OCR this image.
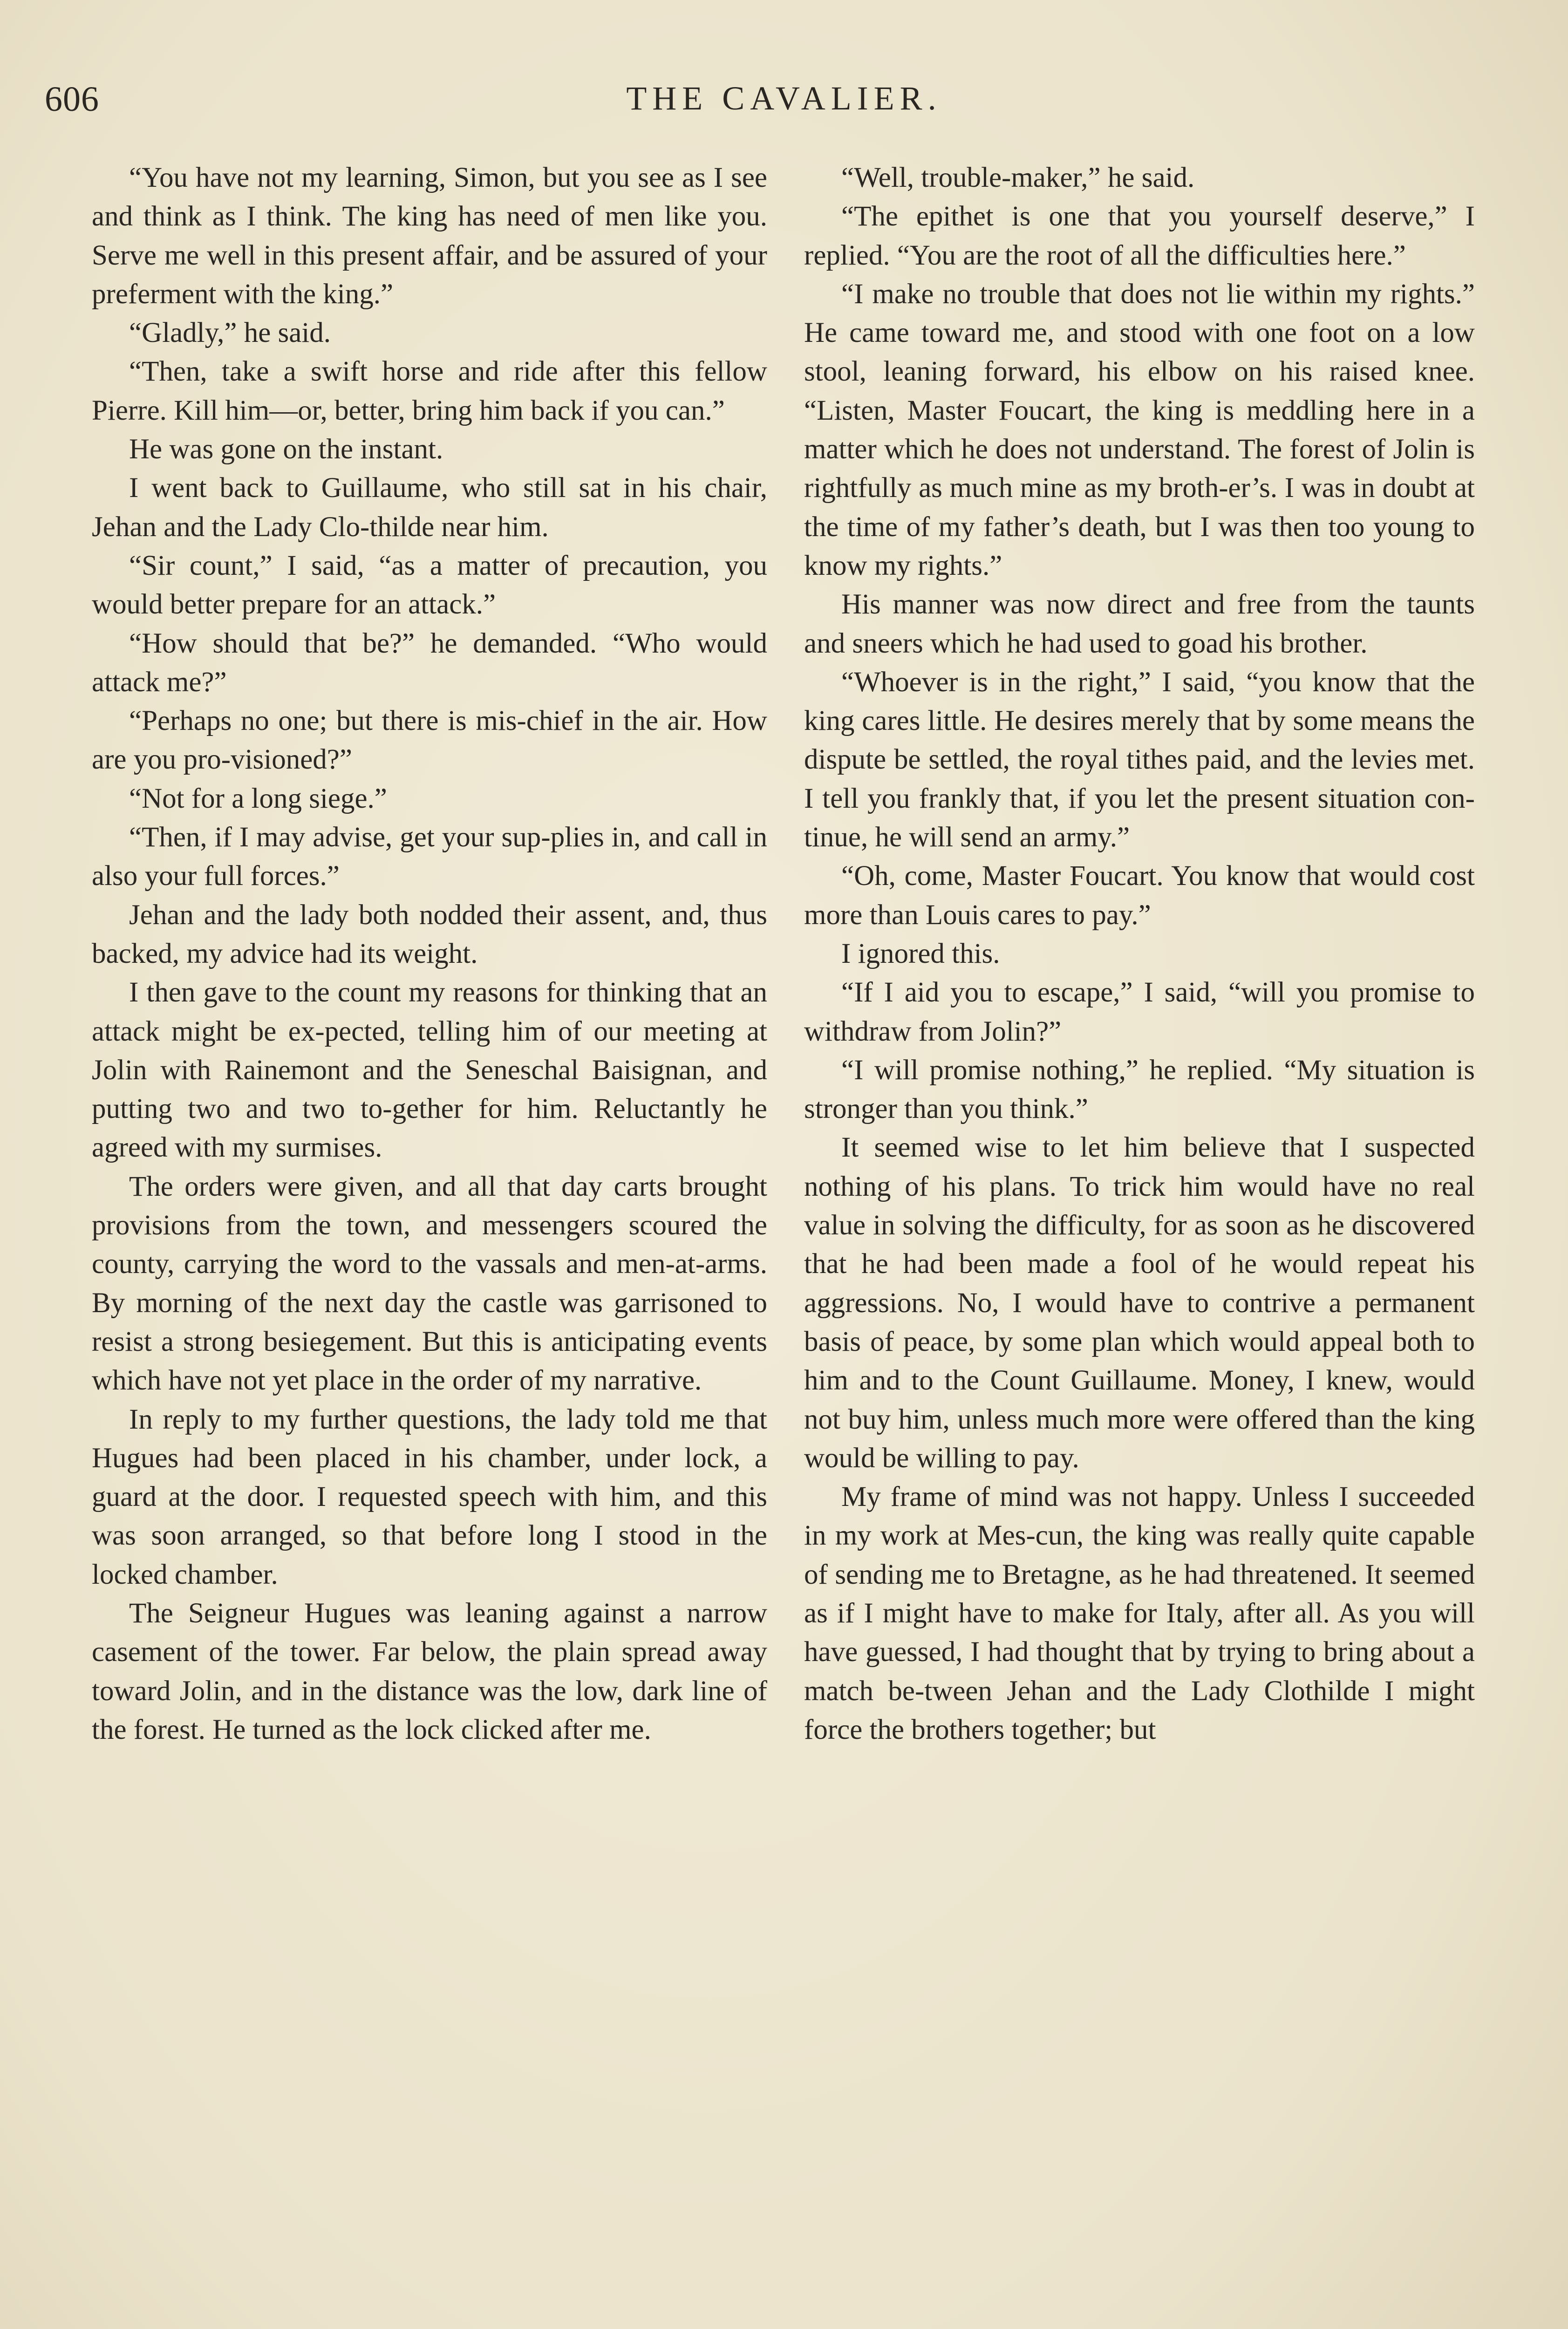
606	THE CAVALIER.

“You have not my learning, Simon, but you see as I see and think as I think. The king has need of men like you. Serve me well in this present affair, and be assured of your preferment with the king.”

“Gladly,” he said.

“Then, take a swift horse and ride after this fellow Pierre. Kill him—or, better, bring him back if you can.”

He was gone on the instant.

I went back to Guillaume, who still sat in his chair, Jehan and the Lady Clo-thilde near him.

“Sir count,” I said, “as a matter of precaution, you would better prepare for an attack.”

“How should that be?” he demanded. “Who would attack me?”

“Perhaps no one; but there is mis-chief in the air. How are you pro-visioned?”

“Not for a long siege.”

“Then, if I may advise, get your sup-plies in, and call in also your full forces.”

Jehan and the lady both nodded their assent, and, thus backed, my advice had its weight.

I then gave to the count my reasons for thinking that an attack might be ex-pected, telling him of our meeting at Jolin with Rainemont and the Seneschal Baisignan, and putting two and two to-gether for him. Reluctantly he agreed with my surmises.

The orders were given, and all that day carts brought provisions from the town, and messengers scoured the county, carrying the word to the vassals and men-at-arms. By morning of the next day the castle was garrisoned to resist a strong besiegement. But this is anticipating events which have not yet place in the order of my narrative.

In reply to my further questions, the lady told me that Hugues had been placed in his chamber, under lock, a guard at the door. I requested speech with him, and this was soon arranged, so that before long I stood in the locked chamber.

The Seigneur Hugues was leaning against a narrow casement of the tower. Far below, the plain spread away toward Jolin, and in the distance was the low, dark line of the forest. He turned as the lock clicked after me.

“Well, trouble-maker,” he said.

“The epithet is one that you yourself deserve,” I replied. “You are the root of all the difficulties here.”

“I make no trouble that does not lie within my rights.” He came toward me, and stood with one foot on a low stool, leaning forward, his elbow on his raised knee. “Listen, Master Foucart, the king is meddling here in a matter which he does not understand. The forest of Jolin is rightfully as much mine as my broth-er’s. I was in doubt at the time of my father’s death, but I was then too young to know my rights.”

His manner was now direct and free from the taunts and sneers which he had used to goad his brother.

“Whoever is in the right,” I said, “you know that the king cares little. He desires merely that by some means the dispute be settled, the royal tithes paid, and the levies met. I tell you frankly that, if you let the present situation con-tinue, he will send an army.”

“Oh, come, Master Foucart. You know that would cost more than Louis cares to pay.”

I ignored this.

“If I aid you to escape,” I said, “will you promise to withdraw from Jolin?”

“I will promise nothing,” he replied. “My situation is stronger than you think.”

It seemed wise to let him believe that I suspected nothing of his plans. To trick him would have no real value in solving the difficulty, for as soon as he discovered that he had been made a fool of he would repeat his aggressions. No, I would have to contrive a permanent basis of peace, by some plan which would appeal both to him and to the Count Guillaume. Money, I knew, would not buy him, unless much more were offered than the king would be willing to pay.

My frame of mind was not happy. Unless I succeeded in my work at Mes-cun, the king was really quite capable of sending me to Bretagne, as he had threatened. It seemed as if I might have to make for Italy, after all. As you will have guessed, I had thought that by trying to bring about a match be-tween Jehan and the Lady Clothilde I might force the brothers together; but
